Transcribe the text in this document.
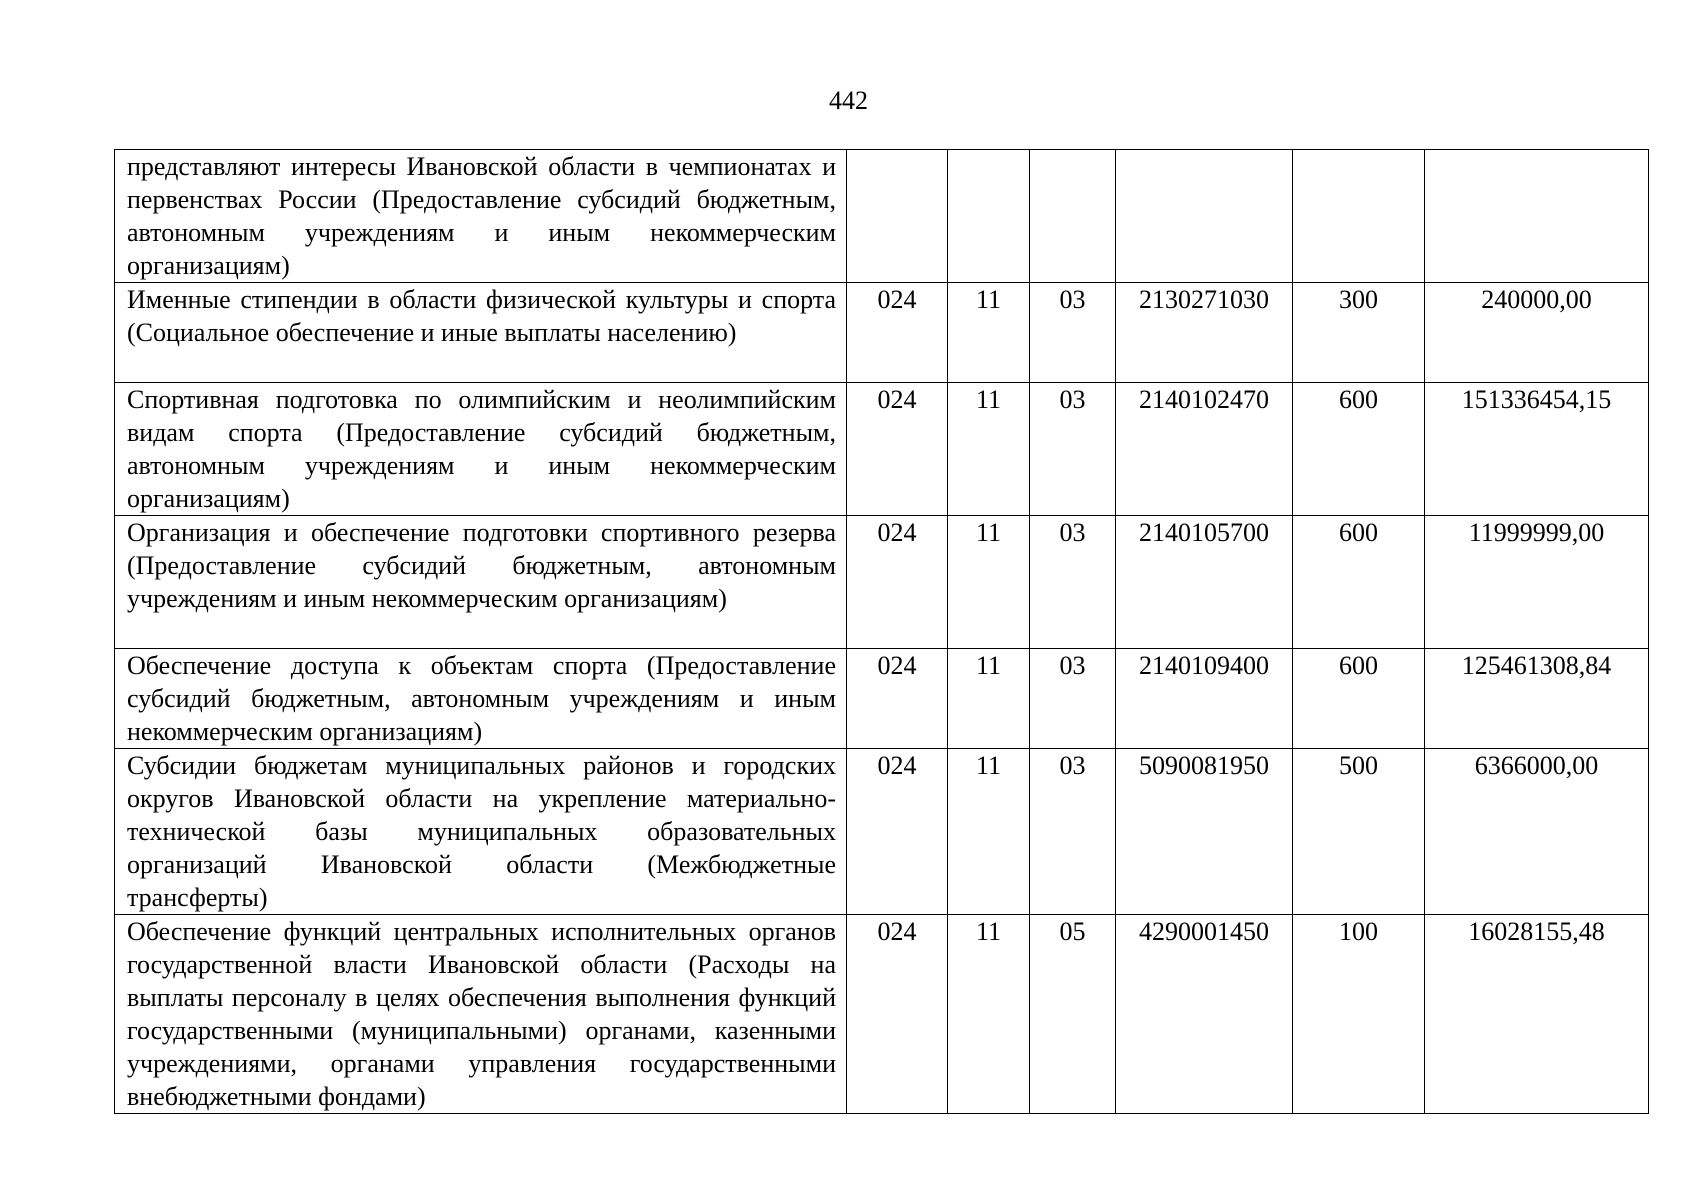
442
представляют интересы Ивановской области в чемпионатах и первенствах России (Предоставление субсидий бюджетным, автономным учреждениям и иным некоммерческим организациям)						
Именные стипендии в области физической культуры и спорта (Социальное обеспечение и иные выплаты населению)	024	11	03	2130271030	300	240000,00
Спортивная подготовка по олимпийским и неолимпийским видам спорта (Предоставление субсидий бюджетным, автономным учреждениям и иным некоммерческим организациям)	024	11	03	2140102470	600	151336454,15
Организация и обеспечение подготовки спортивного резерва (Предоставление субсидий бюджетным, автономным учреждениям и иным некоммерческим организациям)	024	11	03	2140105700	600	11999999,00
Обеспечение доступа к объектам спорта (Предоставление субсидий бюджетным, автономным учреждениям и иным некоммерческим организациям)	024	11	03	2140109400	600	125461308,84
Субсидии бюджетам муниципальных районов и городских округов Ивановской области на укрепление материально-технической базы муниципальных образовательных организаций Ивановской области (Межбюджетные трансферты)	024	11	03	5090081950	500	6366000,00
Обеспечение функций центральных исполнительных органов государственной власти Ивановской области (Расходы на выплаты персоналу в целях обеспечения выполнения функций государственными (муниципальными) органами, казенными учреждениями, органами управления государственными внебюджетными фондами)	024	11	05	4290001450	100	16028155,48
